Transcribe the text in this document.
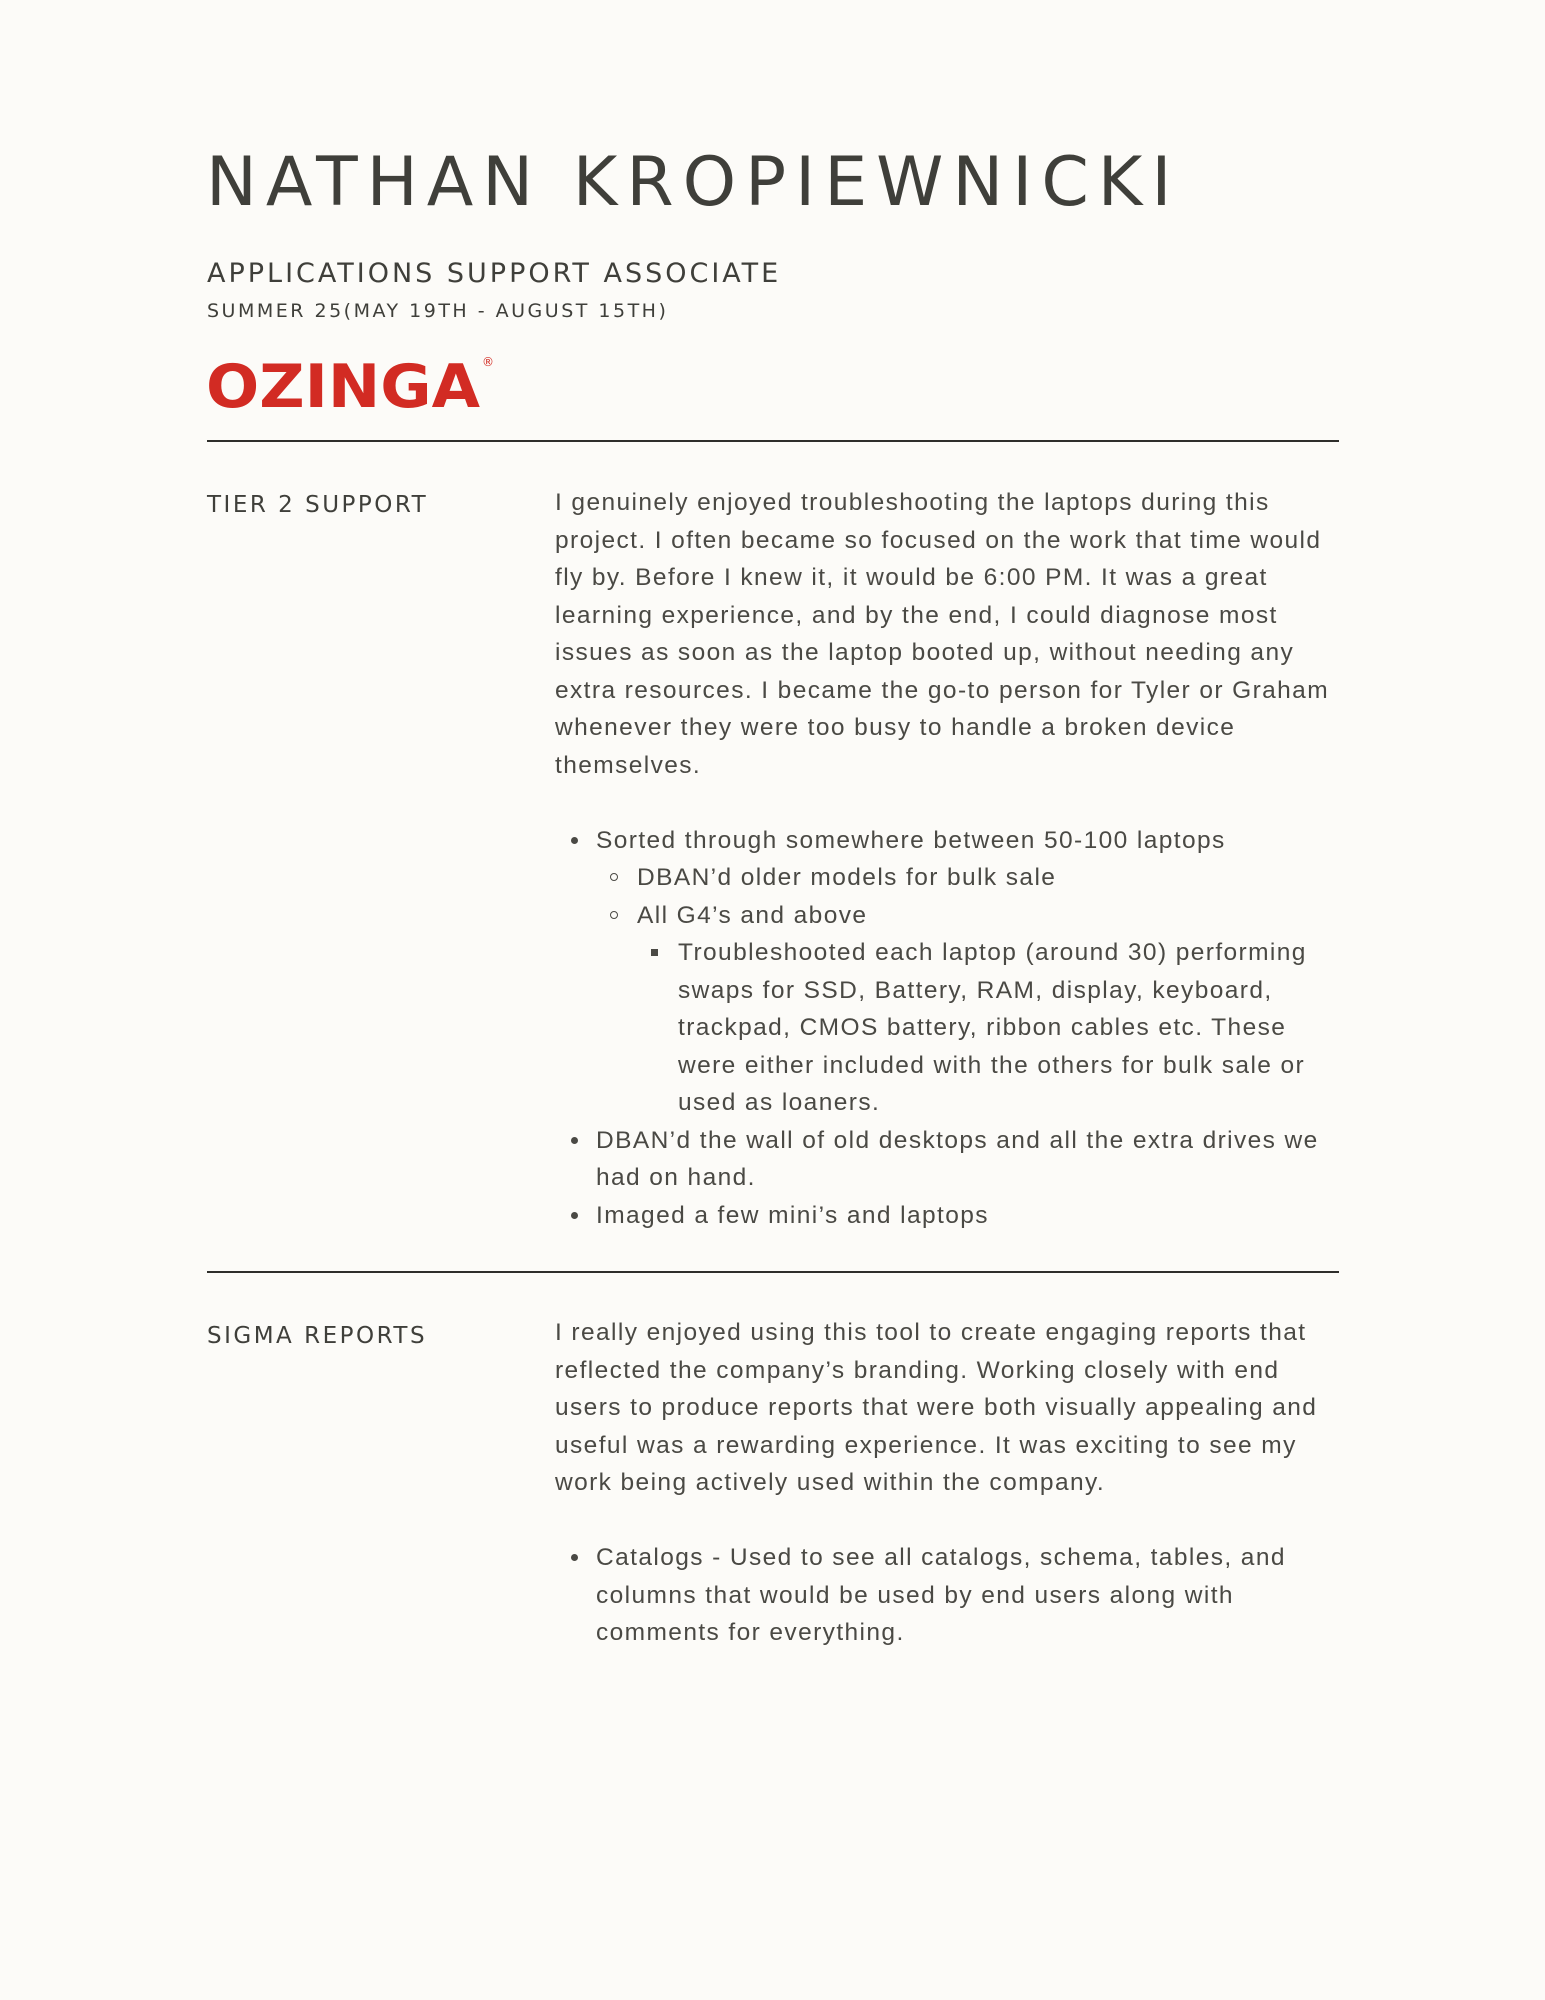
NATHAN KROPIEWNICKI
APPLICATIONS SUPPORT ASSOCIATE
SUMMER 25(MAY 19TH - AUGUST 15TH)
OZINGA ®
TIER 2 SUPPORT	I genuinely enjoyed troubleshooting the laptops during this project. I often became so focused on the work that time would fly by. Before I knew it, it would be 6:00 PM. It was a great learning experience, and by the end, I could diagnose most issues as soon as the laptop booted up, without needing any extra resources. I became the go-to person for Tyler or Graham whenever they were too busy to handle a broken device themselves.

Sorted through somewhere between 50-100 laptops
DBAN’d older models for bulk sale
All G4’s and above
Troubleshooted each laptop (around 30) performing swaps for SSD, Battery, RAM, display, keyboard, trackpad, CMOS battery, ribbon cables etc. These were either included with the others for bulk sale or used as loaners.
DBAN’d the wall of old desktops and all the extra drives we had on hand.
Imaged a few mini’s and laptops
SIGMA REPORTS	I really enjoyed using this tool to create engaging reports that reflected the company’s branding. Working closely with end users to produce reports that were both visually appealing and useful was a rewarding experience. It was exciting to see my work being actively used within the company.

Catalogs - Used to see all catalogs, schema, tables, and columns that would be used by end users along with comments for everything.
